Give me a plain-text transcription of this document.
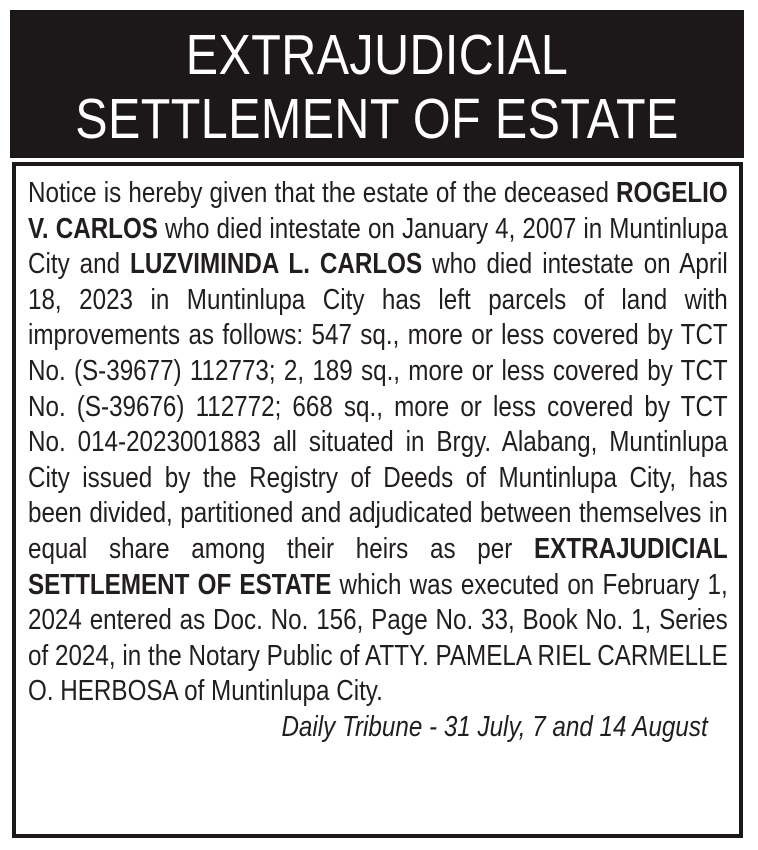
EXTRAJUDICIAL
SETTLEMENT OF ESTATE

Notice is hereby given that the estate of the deceased ROGELIO V. CARLOS who died intestate on January 4, 2007 in Muntinlupa City and LUZVIMINDA L. CARLOS who died intestate on April 18, 2023 in Muntinlupa City has left parcels of land with improvements as follows: 547 sq., more or less covered by TCT No. (S-39677) 112773; 2, 189 sq., more or less covered by TCT No. (S-39676) 112772; 668 sq., more or less covered by TCT No. 014-2023001883 all situated in Brgy. Alabang, Muntinlupa City issued by the Registry of Deeds of Muntinlupa City, has been divided, partitioned and adjudicated between themselves in equal share among their heirs as per EXTRAJUDICIAL SETTLEMENT OF ESTATE which was executed on February 1, 2024 entered as Doc. No. 156, Page No. 33, Book No. 1, Series of 2024, in the Notary Public of ATTY. PAMELA RIEL CARMELLE O. HERBOSA of Muntinlupa City.

Daily Tribune - 31 July, 7 and 14 August
